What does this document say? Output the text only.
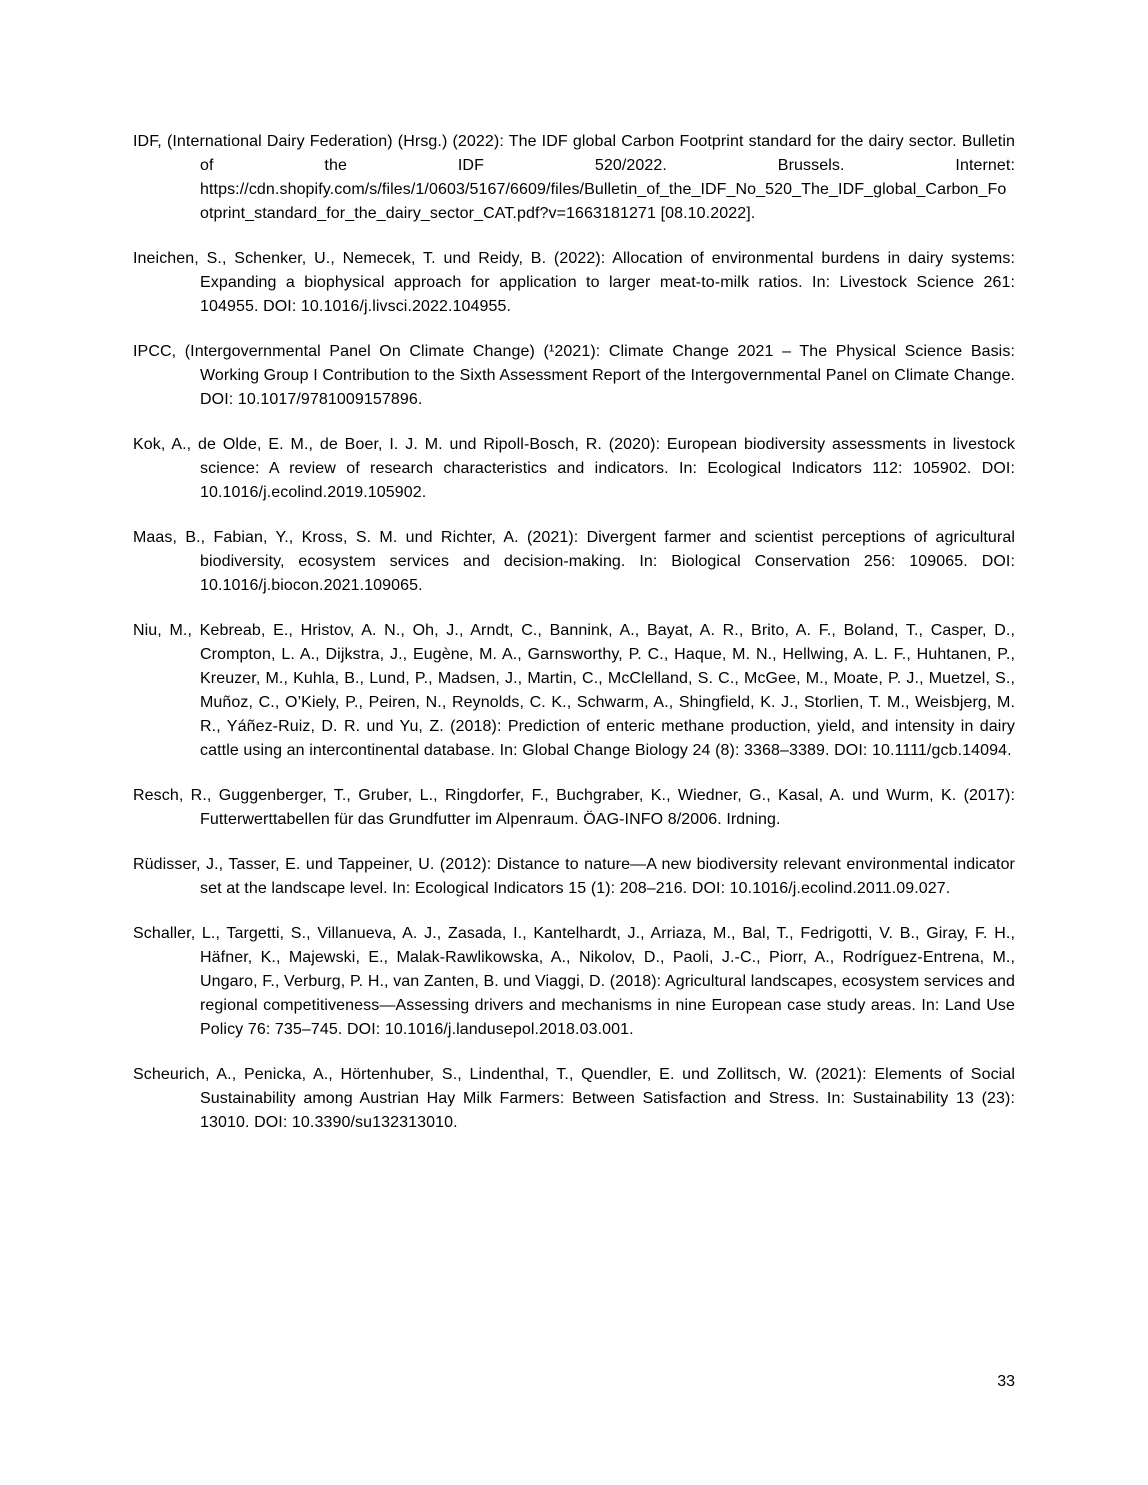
IDF, (International Dairy Federation) (Hrsg.) (2022): The IDF global Carbon Footprint standard for the dairy sector. Bulletin of the IDF 520/2022. Brussels. Internet: https://cdn.shopify.com/s/files/1/0603/5167/6609/files/Bulletin_of_the_IDF_No_520_The_IDF_global_Carbon_Footprint_standard_for_the_dairy_sector_CAT.pdf?v=1663181271 [08.10.2022].

Ineichen, S., Schenker, U., Nemecek, T. und Reidy, B. (2022): Allocation of environmental burdens in dairy systems: Expanding a biophysical approach for application to larger meat-to-milk ratios. In: Livestock Science 261: 104955. DOI: 10.1016/j.livsci.2022.104955.

IPCC, (Intergovernmental Panel On Climate Change) (¹2021): Climate Change 2021 – The Physical Science Basis: Working Group I Contribution to the Sixth Assessment Report of the Intergovernmental Panel on Climate Change. DOI: 10.1017/9781009157896.

Kok, A., de Olde, E. M., de Boer, I. J. M. und Ripoll-Bosch, R. (2020): European biodiversity assessments in livestock science: A review of research characteristics and indicators. In: Ecological Indicators 112: 105902. DOI: 10.1016/j.ecolind.2019.105902.

Maas, B., Fabian, Y., Kross, S. M. und Richter, A. (2021): Divergent farmer and scientist perceptions of agricultural biodiversity, ecosystem services and decision-making. In: Biological Conservation 256: 109065. DOI: 10.1016/j.biocon.2021.109065.

Niu, M., Kebreab, E., Hristov, A. N., Oh, J., Arndt, C., Bannink, A., Bayat, A. R., Brito, A. F., Boland, T., Casper, D., Crompton, L. A., Dijkstra, J., Eugène, M. A., Garnsworthy, P. C., Haque, M. N., Hellwing, A. L. F., Huhtanen, P., Kreuzer, M., Kuhla, B., Lund, P., Madsen, J., Martin, C., McClelland, S. C., McGee, M., Moate, P. J., Muetzel, S., Muñoz, C., O’Kiely, P., Peiren, N., Reynolds, C. K., Schwarm, A., Shingfield, K. J., Storlien, T. M., Weisbjerg, M. R., Yáñez-Ruiz, D. R. und Yu, Z. (2018): Prediction of enteric methane production, yield, and intensity in dairy cattle using an intercontinental database. In: Global Change Biology 24 (8): 3368–3389. DOI: 10.1111/gcb.14094.

Resch, R., Guggenberger, T., Gruber, L., Ringdorfer, F., Buchgraber, K., Wiedner, G., Kasal, A. und Wurm, K. (2017): Futterwerttabellen für das Grundfutter im Alpenraum. ÖAG-INFO 8/2006. Irdning.

Rüdisser, J., Tasser, E. und Tappeiner, U. (2012): Distance to nature—A new biodiversity relevant environmental indicator set at the landscape level. In: Ecological Indicators 15 (1): 208–216. DOI: 10.1016/j.ecolind.2011.09.027.

Schaller, L., Targetti, S., Villanueva, A. J., Zasada, I., Kantelhardt, J., Arriaza, M., Bal, T., Fedrigotti, V. B., Giray, F. H., Häfner, K., Majewski, E., Malak-Rawlikowska, A., Nikolov, D., Paoli, J.-C., Piorr, A., Rodríguez-Entrena, M., Ungaro, F., Verburg, P. H., van Zanten, B. und Viaggi, D. (2018): Agricultural landscapes, ecosystem services and regional competitiveness—Assessing drivers and mechanisms in nine European case study areas. In: Land Use Policy 76: 735–745. DOI: 10.1016/j.landusepol.2018.03.001.

Scheurich, A., Penicka, A., Hörtenhuber, S., Lindenthal, T., Quendler, E. und Zollitsch, W. (2021): Elements of Social Sustainability among Austrian Hay Milk Farmers: Between Satisfaction and Stress. In: Sustainability 13 (23): 13010. DOI: 10.3390/su132313010.

33
